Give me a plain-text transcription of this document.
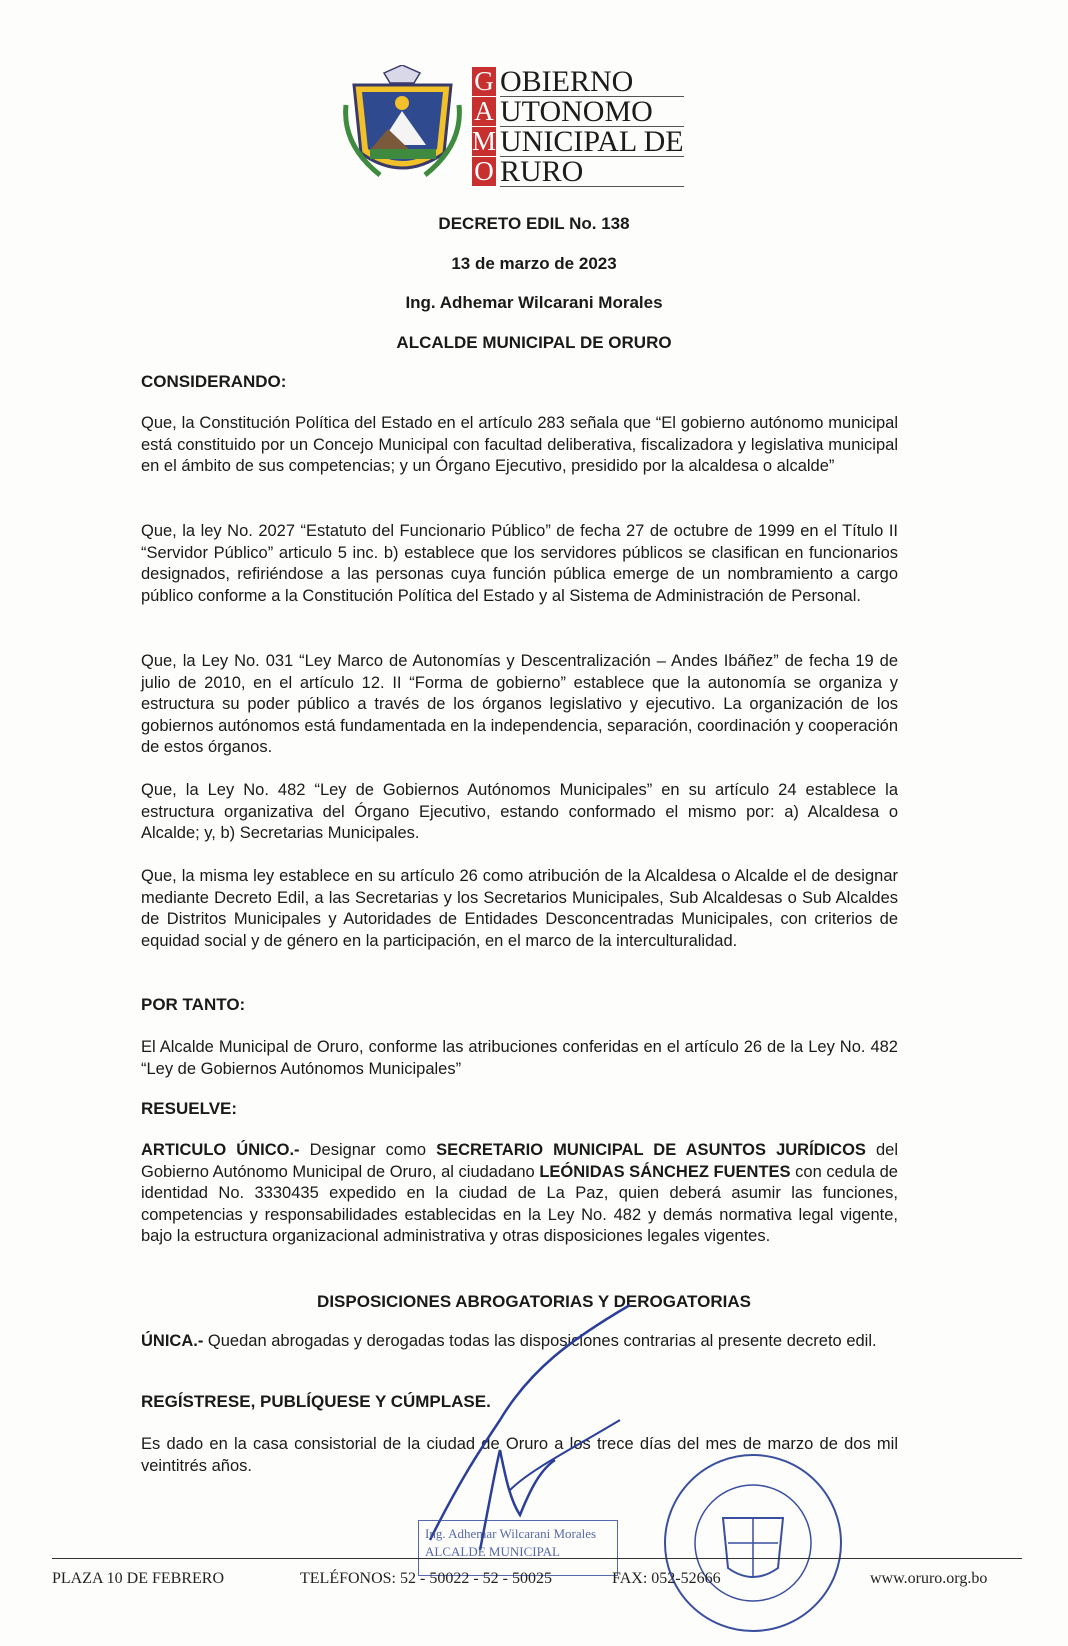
G
A
M
O
OBIERNO
UTONOMO
UNICIPAL DE
RURO
DECRETO EDIL No. 138
13 de marzo de 2023
Ing. Adhemar Wilcarani Morales
ALCALDE MUNICIPAL DE ORURO
CONSIDERANDO:
Que, la Constitución Política del Estado en el artículo 283 señala que “El gobierno autónomo municipal está constituido por un Concejo Municipal con facultad deliberativa, fiscalizadora y legislativa municipal en el ámbito de sus competencias; y un Órgano Ejecutivo, presidido por la alcaldesa o alcalde”
Que, la ley No. 2027 “Estatuto del Funcionario Público” de fecha 27 de octubre de 1999 en el Título II “Servidor Público” articulo 5 inc. b) establece que los servidores públicos se clasifican en funcionarios designados, refiriéndose a las personas cuya función pública emerge de un nombramiento a cargo público conforme a la Constitución Política del Estado y al Sistema de Administración de Personal.
Que, la Ley No. 031 “Ley Marco de Autonomías y Descentralización – Andes Ibáñez” de fecha 19 de julio de 2010, en el artículo 12. II “Forma de gobierno” establece que la autonomía se organiza y estructura su poder público a través de los órganos legislativo y ejecutivo. La organización de los gobiernos autónomos está fundamentada en la independencia, separación, coordinación y cooperación de estos órganos.
Que, la Ley No. 482 “Ley de Gobiernos Autónomos Municipales” en su artículo 24 establece la estructura organizativa del Órgano Ejecutivo, estando conformado el mismo por: a) Alcaldesa o Alcalde; y, b) Secretarias Municipales.
Que, la misma ley establece en su artículo 26 como atribución de la Alcaldesa o Alcalde el de designar mediante Decreto Edil, a las Secretarias y los Secretarios Municipales, Sub Alcaldesas o Sub Alcaldes de Distritos Municipales y Autoridades de Entidades Desconcentradas Municipales, con criterios de equidad social y de género en la participación, en el marco de la interculturalidad.
POR TANTO:
El Alcalde Municipal de Oruro, conforme las atribuciones conferidas en el artículo 26 de la Ley No. 482 “Ley de Gobiernos Autónomos Municipales”
RESUELVE:
ARTICULO ÚNICO.- Designar como SECRETARIO MUNICIPAL DE ASUNTOS JURÍDICOS del Gobierno Autónomo Municipal de Oruro, al ciudadano LEÓNIDAS SÁNCHEZ FUENTES con cedula de identidad No. 3330435 expedido en la ciudad de La Paz, quien deberá asumir las funciones, competencias y responsabilidades establecidas en la Ley No. 482 y demás normativa legal vigente, bajo la estructura organizacional administrativa y otras disposiciones legales vigentes.
DISPOSICIONES ABROGATORIAS Y DEROGATORIAS
ÚNICA.- Quedan abrogadas y derogadas todas las disposiciones contrarias al presente decreto edil.
REGÍSTRESE, PUBLÍQUESE Y CÚMPLASE.
Es dado en la casa consistorial de la ciudad de Oruro a los trece días del mes de marzo de dos mil veintitrés años.
Ing. Adhemar Wilcarani Morales
ALCALDE MUNICIPAL
PLAZA 10 DE FEBRERO	TELÉFONOS: 52 - 50022 - 52 - 50025	FAX: 052-52666	www.oruro.org.bo
